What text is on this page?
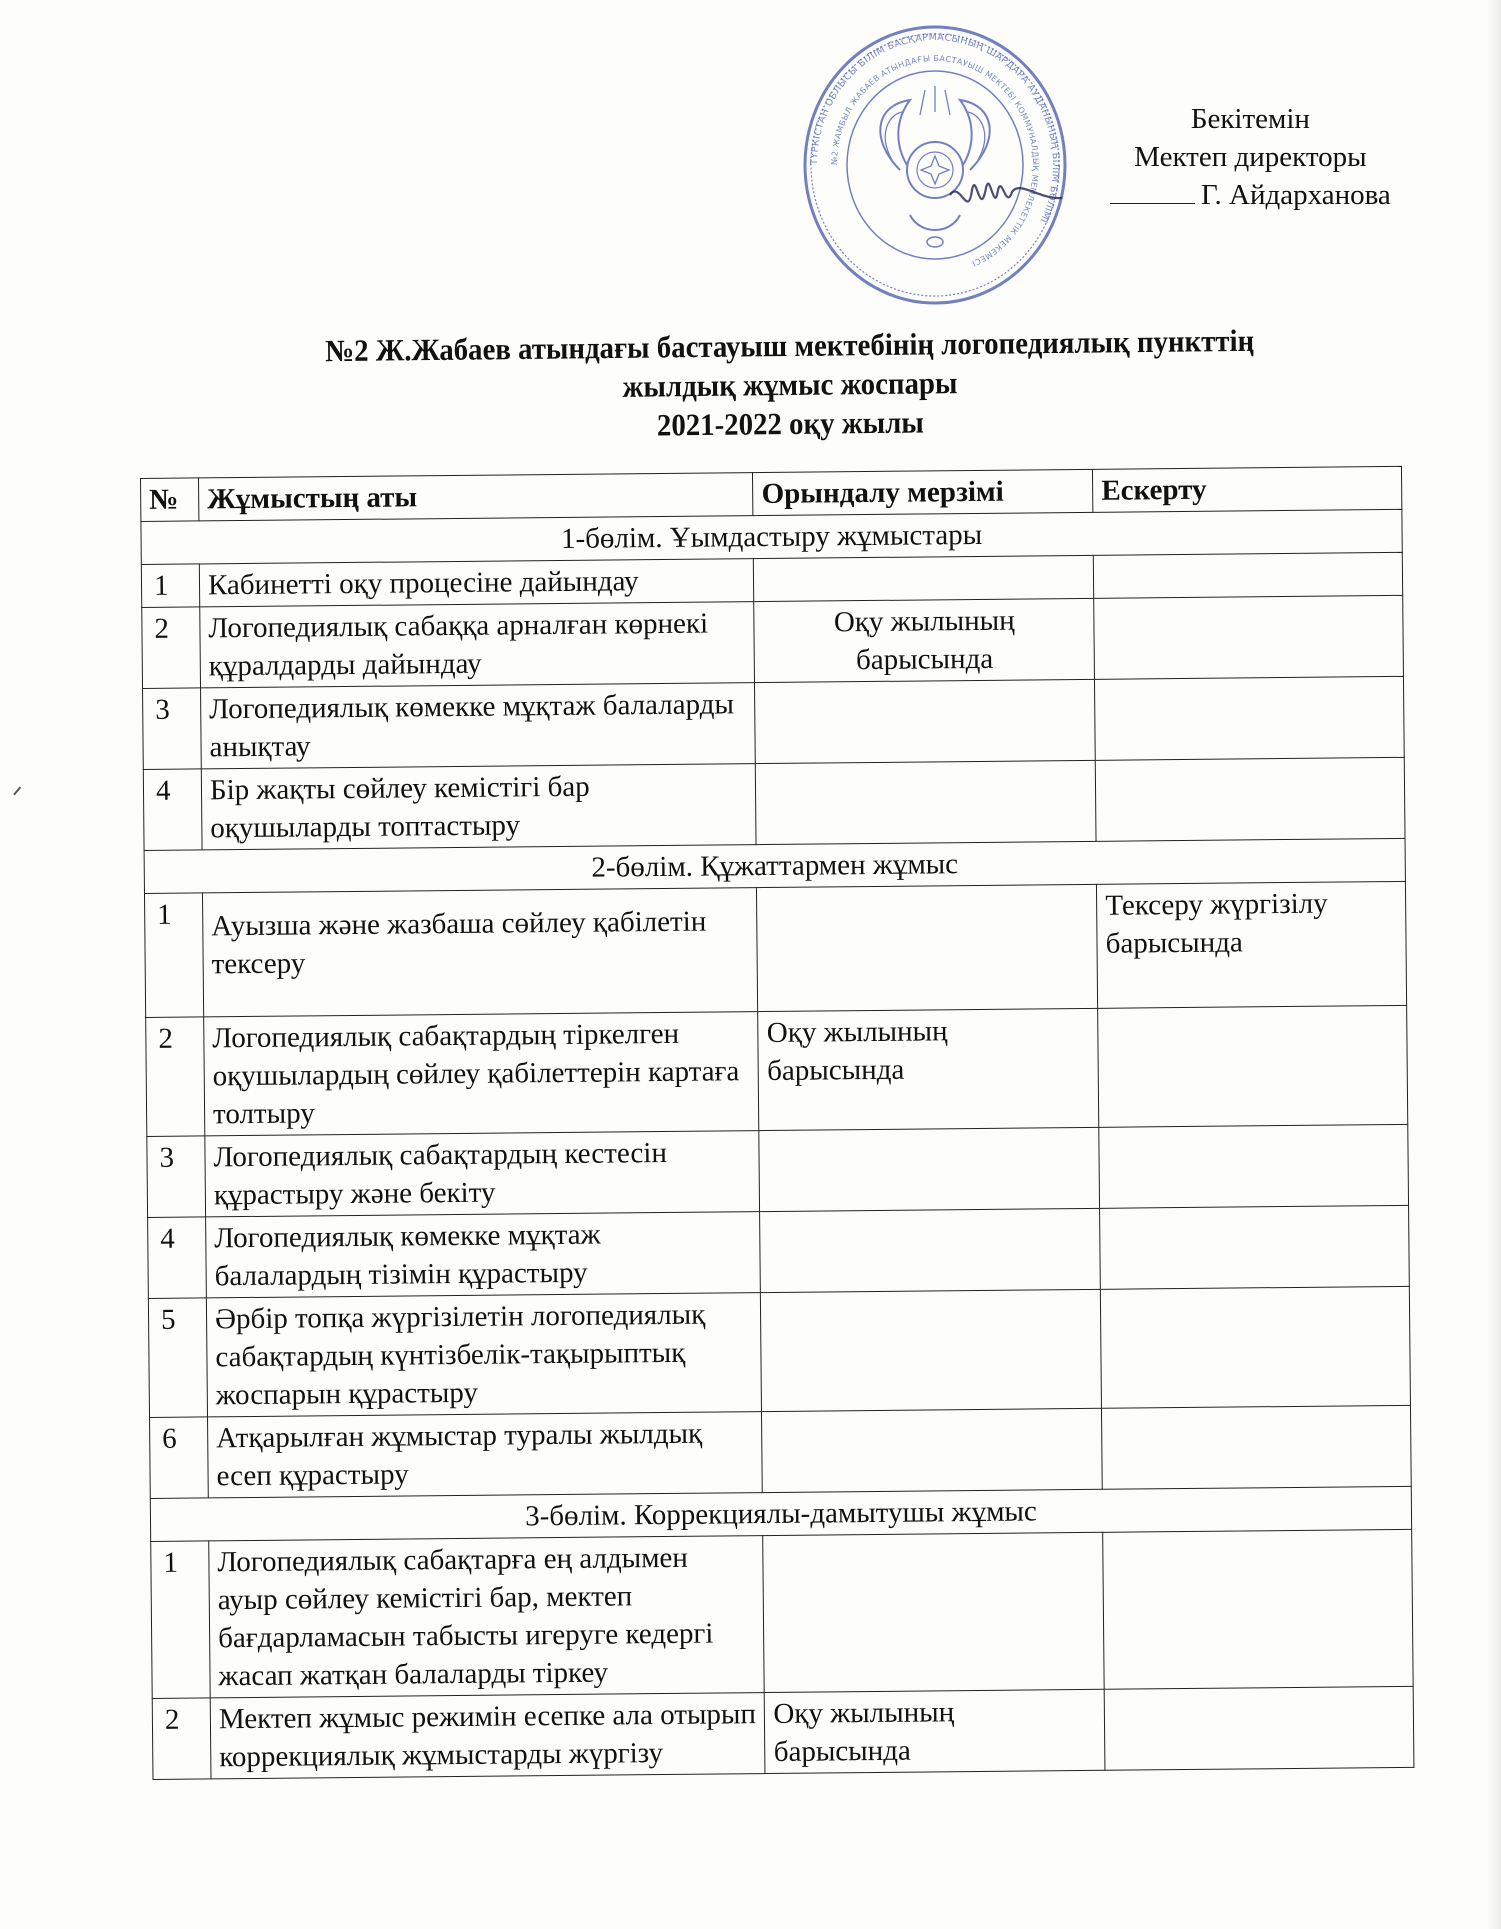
ТҮРКІСТАН ОБЛЫСЫ БІЛІМ БАСҚАРМАСЫНЫҢ ШАРДАРА АУДАНЫНЫҢ БІЛІМ БӨЛІМІ
№2 ЖАМБЫЛ ЖАБАЕВ АТЫНДАҒЫ БАСТАУЫШ МЕКТЕБІ КОММУНАЛДЫҚ МЕМЛЕКЕТТІК МЕКЕМЕСІ
Бекітемін
Мектеп директоры
Г. Айдарханова
№2 Ж.Жабаев атындағы бастауыш мектебінің логопедиялық пункттің
жылдық жұмыс жоспары
2021-2022 оқу жылы
№	Жұмыстың аты	Орындалу мерзімі	Ескерту
1-бөлім. Ұымдастыру жұмыстары			
1	Кабинетті оқу процесіне дайындау		
2	Логопедиялық сабаққа арналған көрнекі құралдарды дайындау	Оқу жылының барысында	
3	Логопедиялық көмекке мұқтаж балаларды анықтау		
4	Бір жақты сөйлеу кемістігі бар оқушыларды топтастыру		
2-бөлім. Құжаттармен жұмыс			
1	Ауызша және жазбаша сөйлеу қабілетін тексеру		Тексеру жүргізілу барысында
2	Логопедиялық сабақтардың тіркелген оқушылардың сөйлеу қабілеттерін картаға толтыру	Оқу жылының барысында	
3	Логопедиялық сабақтардың кестесін құрастыру және бекіту		
4	Логопедиялық көмекке мұқтаж балалардың тізімін құрастыру		
5	Әрбір топқа жүргізілетін логопедиялық сабақтардың күнтізбелік-тақырыптық жоспарын құрастыру		
6	Атқарылған жұмыстар туралы жылдық есеп құрастыру		
3-бөлім. Коррекциялы-дамытушы жұмыс			
1	Логопедиялық сабақтарға ең алдымен ауыр сөйлеу кемістігі бар, мектеп бағдарламасын табысты игеруге кедергі жасап жатқан балаларды тіркеу		
2	Мектеп жұмыс режимін есепке ала отырып коррекциялық жұмыстарды жүргізу	Оқу жылының барысында	
